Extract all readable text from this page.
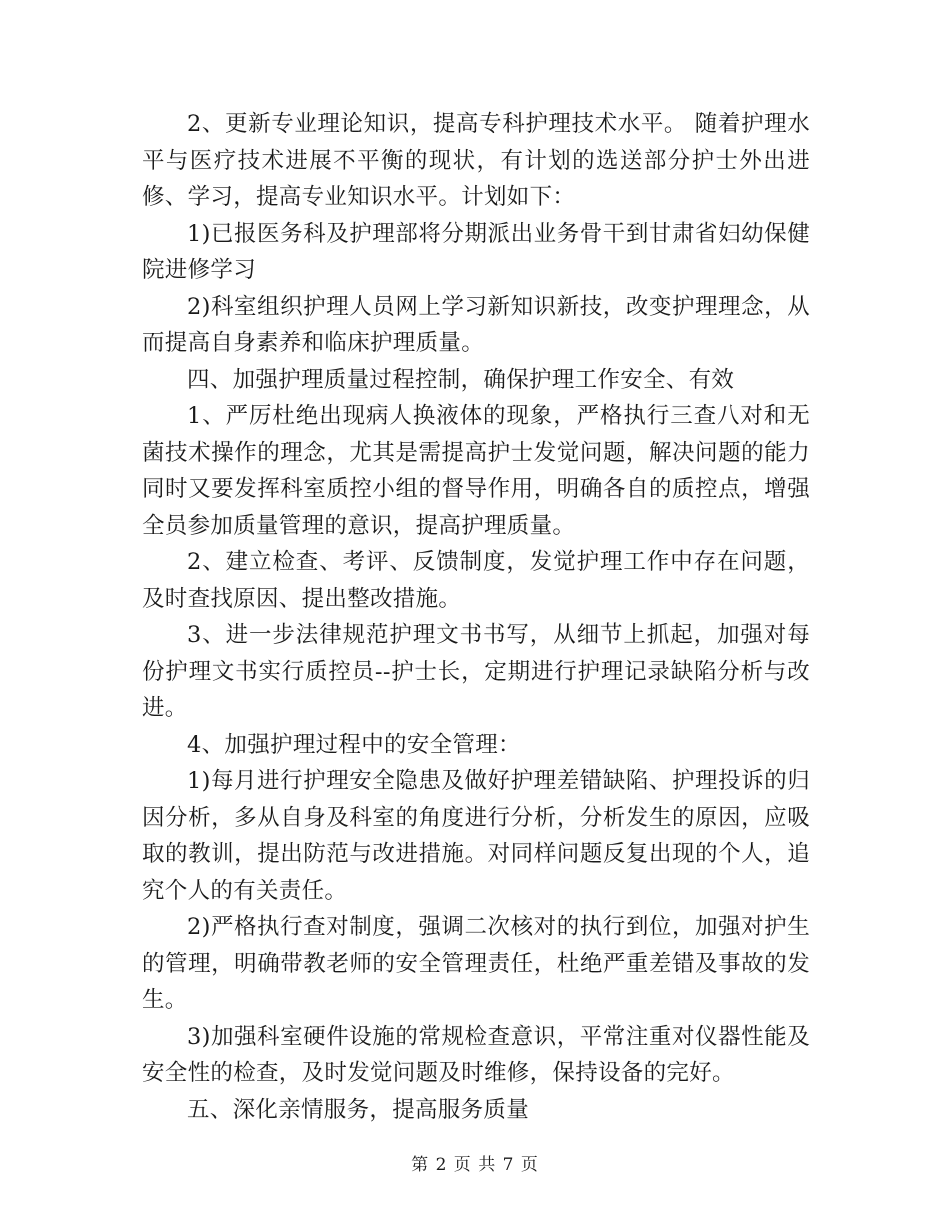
2、更新专业理论知识，提高专科护理技术水平。 随着护理水平与医疗技术进展不平衡的现状，有计划的选送部分护士外出进修、学习，提高专业知识水平。计划如下：

1)已报医务科及护理部将分期派出业务骨干到甘肃省妇幼保健院进修学习

2)科室组织护理人员网上学习新知识新技，改变护理理念，从而提高自身素养和临床护理质量。

四、加强护理质量过程控制，确保护理工作安全、有效

1、严厉杜绝出现病人换液体的现象，严格执行三查八对和无菌技术操作的理念，尤其是需提高护士发觉问题，解决问题的能力同时又要发挥科室质控小组的督导作用，明确各自的质控点，增强全员参加质量管理的意识，提高护理质量。

2、建立检查、考评、反馈制度，发觉护理工作中存在问题，及时查找原因、提出整改措施。

3、进一步法律规范护理文书书写，从细节上抓起，加强对每份护理文书实行质控员--护士长，定期进行护理记录缺陷分析与改进。

4、加强护理过程中的安全管理：

1)每月进行护理安全隐患及做好护理差错缺陷、护理投诉的归因分析，多从自身及科室的角度进行分析，分析发生的原因，应吸取的教训，提出防范与改进措施。对同样问题反复出现的个人，追究个人的有关责任。

2)严格执行查对制度，强调二次核对的执行到位，加强对护生的管理，明确带教老师的安全管理责任，杜绝严重差错及事故的发生。

3)加强科室硬件设施的常规检查意识，平常注重对仪器性能及安全性的检查，及时发觉问题及时维修，保持设备的完好。

五、深化亲情服务，提高服务质量

第 2 页 共 7 页
